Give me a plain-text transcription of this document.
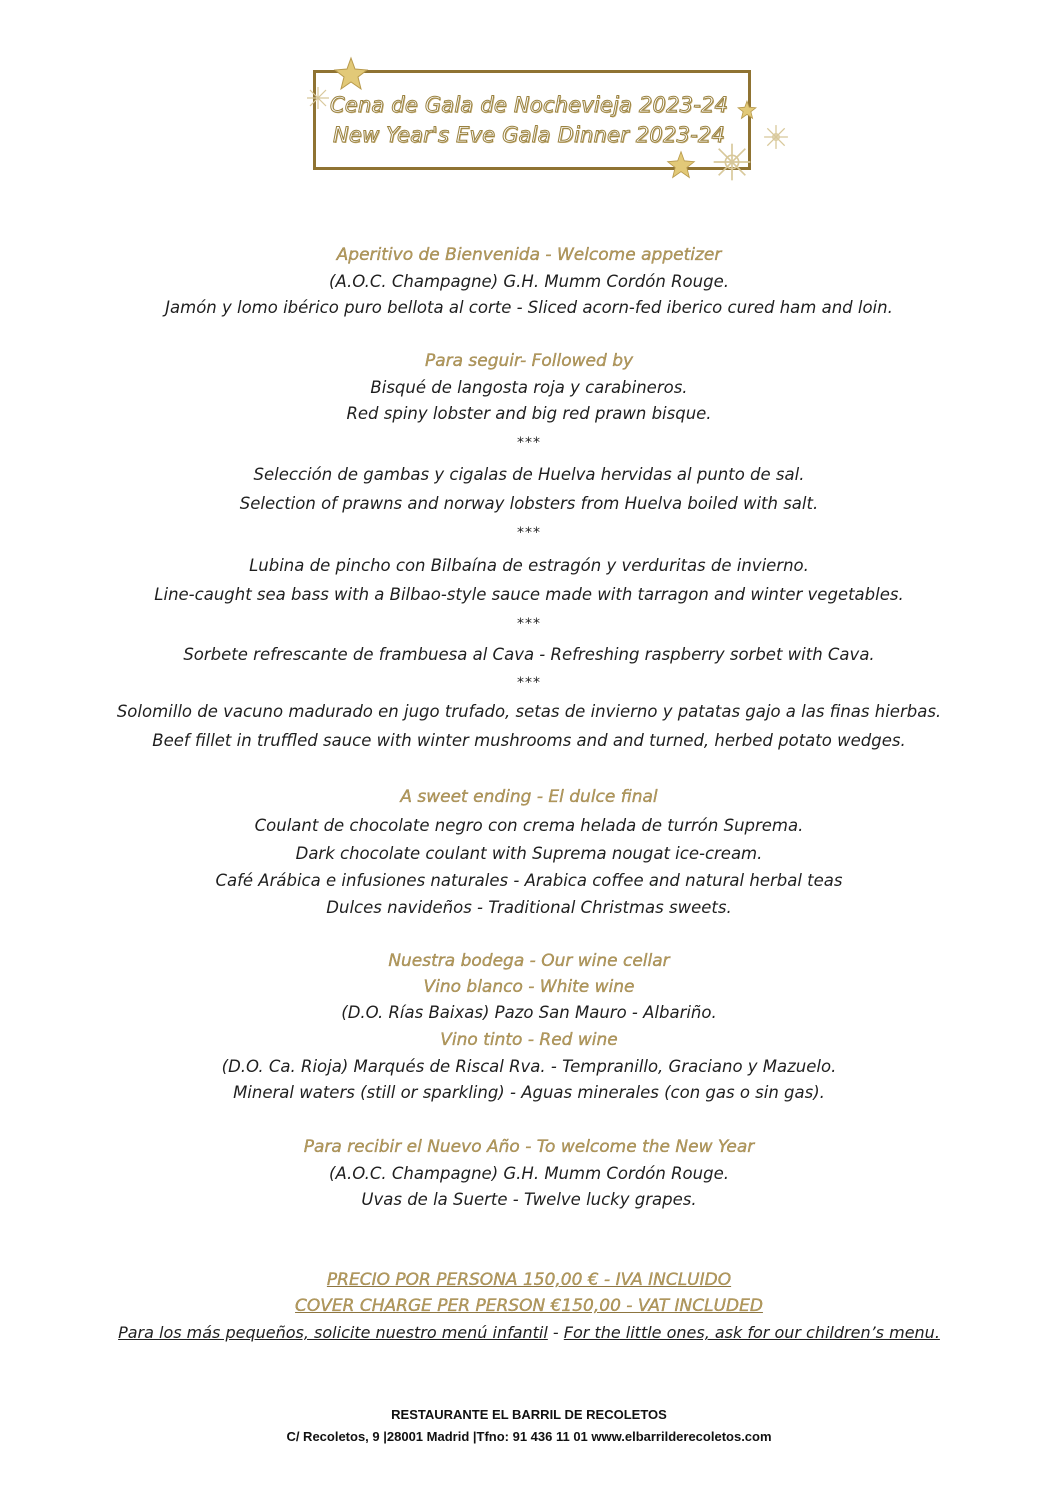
Cena de Gala de Nochevieja 2023-24
New Year's Eve Gala Dinner 2023-24
Aperitivo de Bienvenida - Welcome appetizer
(A.O.C. Champagne) G.H. Mumm Cordón Rouge.
Jamón y lomo ibérico puro bellota al corte - Sliced acorn-fed iberico cured ham and loin.
Para seguir- Followed by
Bisqué de langosta roja y carabineros.
Red spiny lobster and big red prawn bisque.
***
Selección de gambas y cigalas de Huelva hervidas al punto de sal.
Selection of prawns and norway lobsters from Huelva boiled with salt.
***
Lubina de pincho con Bilbaína de estragón y verduritas de invierno.
Line-caught sea bass with a Bilbao-style sauce made with tarragon and winter vegetables.
***
Sorbete refrescante de frambuesa al Cava - Refreshing raspberry sorbet with Cava.
***
Solomillo de vacuno madurado en jugo trufado, setas de invierno y patatas gajo a las finas hierbas.
Beef fillet in truffled sauce with winter mushrooms and and turned, herbed potato wedges.
A sweet ending - El dulce final
Coulant de chocolate negro con crema helada de turrón Suprema.
Dark chocolate coulant with Suprema nougat ice-cream.
Café Arábica e infusiones naturales - Arabica coffee and natural herbal teas
Dulces navideños - Traditional Christmas sweets.
Nuestra bodega - Our wine cellar
Vino blanco - White wine
(D.O. Rías Baixas) Pazo San Mauro - Albariño.
Vino tinto - Red wine
(D.O. Ca. Rioja) Marqués de Riscal Rva. - Tempranillo, Graciano y Mazuelo.
Mineral waters (still or sparkling) - Aguas minerales (con gas o sin gas).
Para recibir el Nuevo Año - To welcome the New Year
(A.O.C. Champagne) G.H. Mumm Cordón Rouge.
Uvas de la Suerte - Twelve lucky grapes.
PRECIO POR PERSONA 150,00 € - IVA INCLUIDO
COVER CHARGE PER PERSON €150,00 - VAT INCLUDED
Para los más pequeños, solicite nuestro menú infantil - For the little ones, ask for our children’s menu.
RESTAURANTE EL BARRIL DE RECOLETOS
C/ Recoletos, 9 |28001 Madrid |Tfno: 91 436 11 01 www.elbarrilderecoletos.com
